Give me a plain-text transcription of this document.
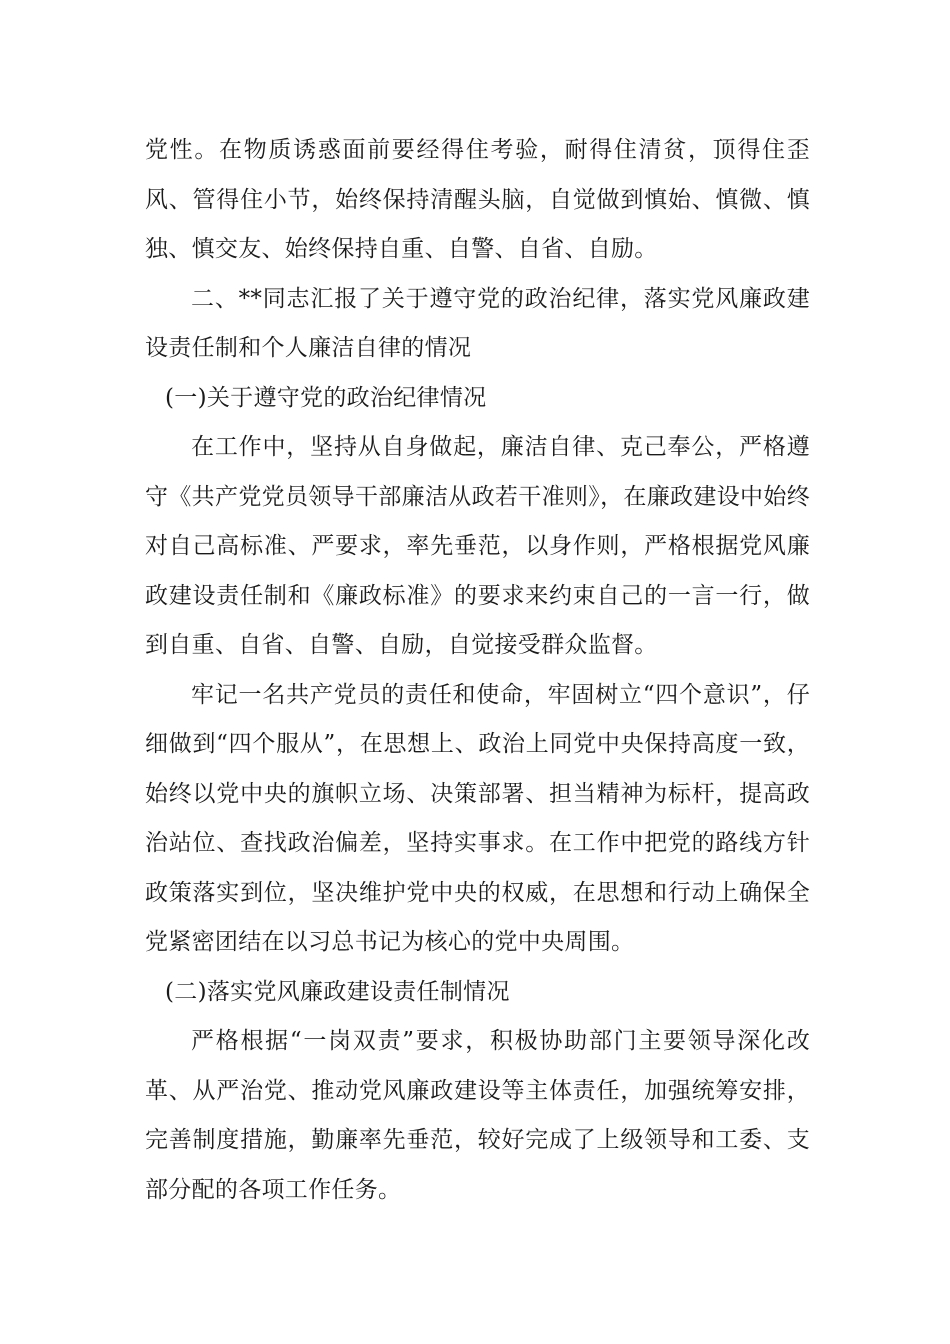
党性。在物质诱惑面前要经得住考验，耐得住清贫，顶得住歪风、管得住小节，始终保持清醒头脑，自觉做到慎始、慎微、慎独、慎交友、始终保持自重、自警、自省、自励。

二、**同志汇报了关于遵守党的政治纪律，落实党风廉政建设责任制和个人廉洁自律的情况

(一)关于遵守党的政治纪律情况

在工作中，坚持从自身做起，廉洁自律、克己奉公，严格遵守《共产党党员领导干部廉洁从政若干准则》，在廉政建设中始终对自己高标准、严要求，率先垂范，以身作则，严格根据党风廉政建设责任制和《廉政标准》的要求来约束自己的一言一行，做到自重、自省、自警、自励，自觉接受群众监督。

牢记一名共产党员的责任和使命，牢固树立“四个意识”，仔细做到“四个服从”，在思想上、政治上同党中央保持高度一致，始终以党中央的旗帜立场、决策部署、担当精神为标杆，提高政治站位、查找政治偏差，坚持实事求。在工作中把党的路线方针政策落实到位，坚决维护党中央的权威，在思想和行动上确保全党紧密团结在以习总书记为核心的党中央周围。

(二)落实党风廉政建设责任制情况

严格根据“一岗双责”要求，积极协助部门主要领导深化改革、从严治党、推动党风廉政建设等主体责任，加强统筹安排，完善制度措施，勤廉率先垂范，较好完成了上级领导和工委、支部分配的各项工作任务。
